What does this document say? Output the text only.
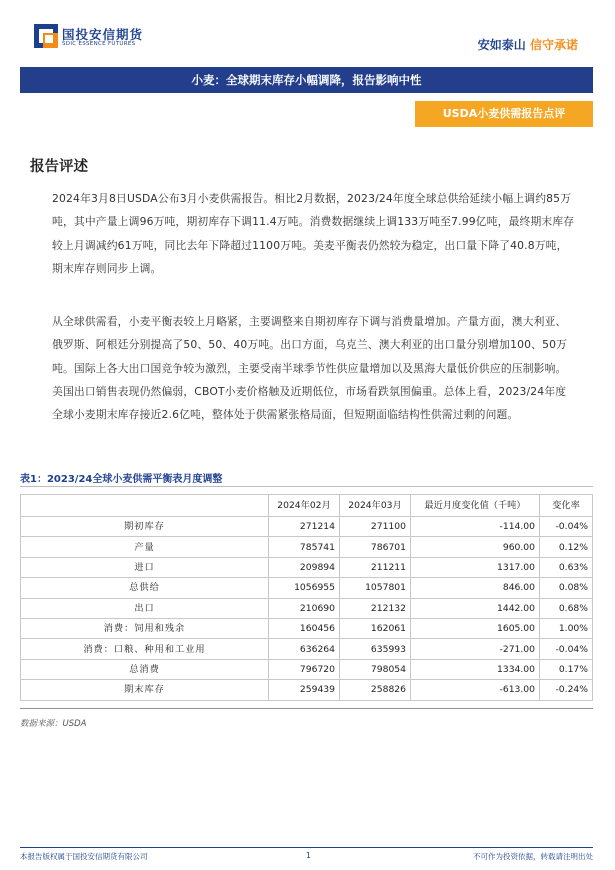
国投安信期货
SDIC ESSENCE FUTURES	安如泰山 信守承诺
小麦：全球期末库存小幅调降，报告影响中性
USDA小麦供需报告点评
报告评述
2024年3月8日USDA公布3月小麦供需报告。相比2月数据，2023/24年度全球总供给延续小幅上调约85万吨，其中产量上调96万吨，期初库存下调11.4万吨。消费数据继续上调133万吨至7.99亿吨，最终期末库存较上月调减约61万吨，同比去年下降超过1100万吨。美麦平衡表仍然较为稳定，出口量下降了40.8万吨，期末库存则同步上调。
从全球供需看，小麦平衡表较上月略紧，主要调整来自期初库存下调与消费量增加。产量方面，澳大利亚、俄罗斯、阿根廷分别提高了50、50、40万吨。出口方面，乌克兰、澳大利亚的出口量分别增加100、50万吨。国际上各大出口国竞争较为激烈，主要受南半球季节性供应量增加以及黑海大量低价供应的压制影响。美国出口销售表现仍然偏弱，CBOT小麦价格触及近期低位，市场看跌氛围偏重。总体上看，2023/24年度全球小麦期末库存接近2.6亿吨，整体处于供需紧张格局面，但短期面临结构性供需过剩的问题。
表1：2023/24全球小麦供需平衡表月度调整
	2024年02月	2024年03月	最近月度变化值（千吨）	变化率
期初库存	271214	271100	-114.00	-0.04%
产量	785741	786701	960.00	0.12%
进口	209894	211211	1317.00	0.63%
总供给	1056955	1057801	846.00	0.08%
出口	210690	212132	1442.00	0.68%
消费：饲用和残余	160456	162061	1605.00	1.00%
消费：口粮、种用和工业用	636264	635993	-271.00	-0.04%
总消费	796720	798054	1334.00	0.17%
期末库存	259439	258826	-613.00	-0.24%
数据来源：USDA
本报告版权属于国投安信期货有限公司	1	不可作为投资依据，转载请注明出处
